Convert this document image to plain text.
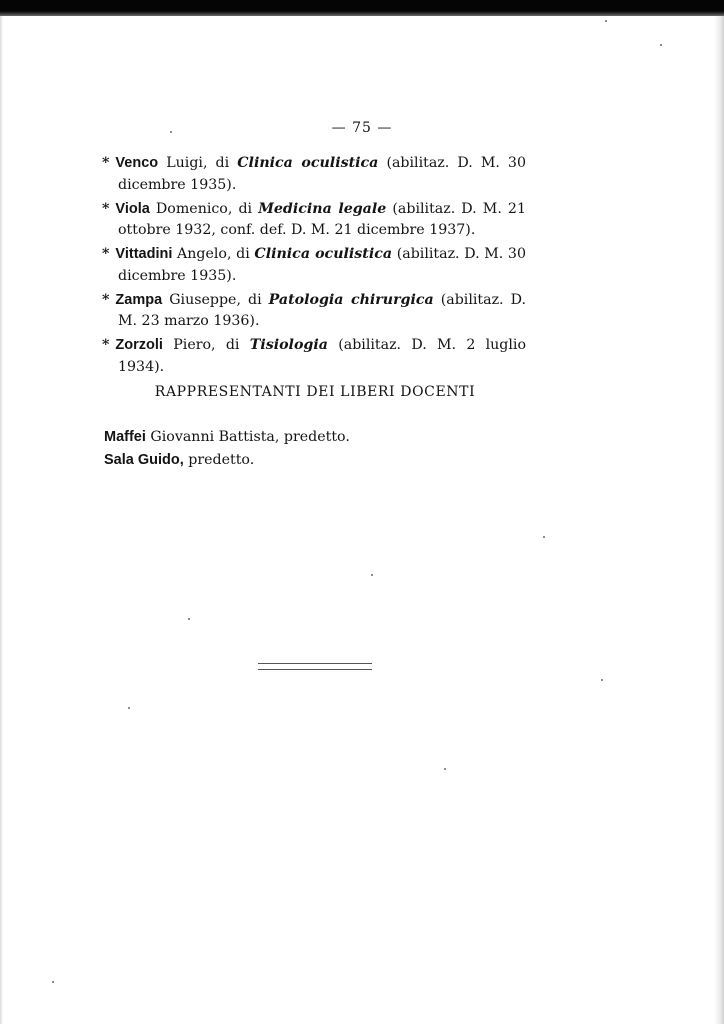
— 75 —

* Venco Luigi, di Clinica oculistica (abilitaz. D. M. 30 dicembre 1935).

* Viola Domenico, di Medicina legale (abilitaz. D. M. 21 ottobre 1932, conf. def. D. M. 21 dicembre 1937).

* Vittadini Angelo, di Clinica oculistica (abilitaz. D. M. 30 dicembre 1935).

* Zampa Giuseppe, di Patologia chirurgica (abilitaz. D. M. 23 marzo 1936).

* Zorzoli Piero, di Tisiologia (abilitaz. D. M. 2 luglio 1934).

RAPPRESENTANTI DEI LIBERI DOCENTI

Maffei Giovanni Battista, predetto.

Sala Guido, predetto.
